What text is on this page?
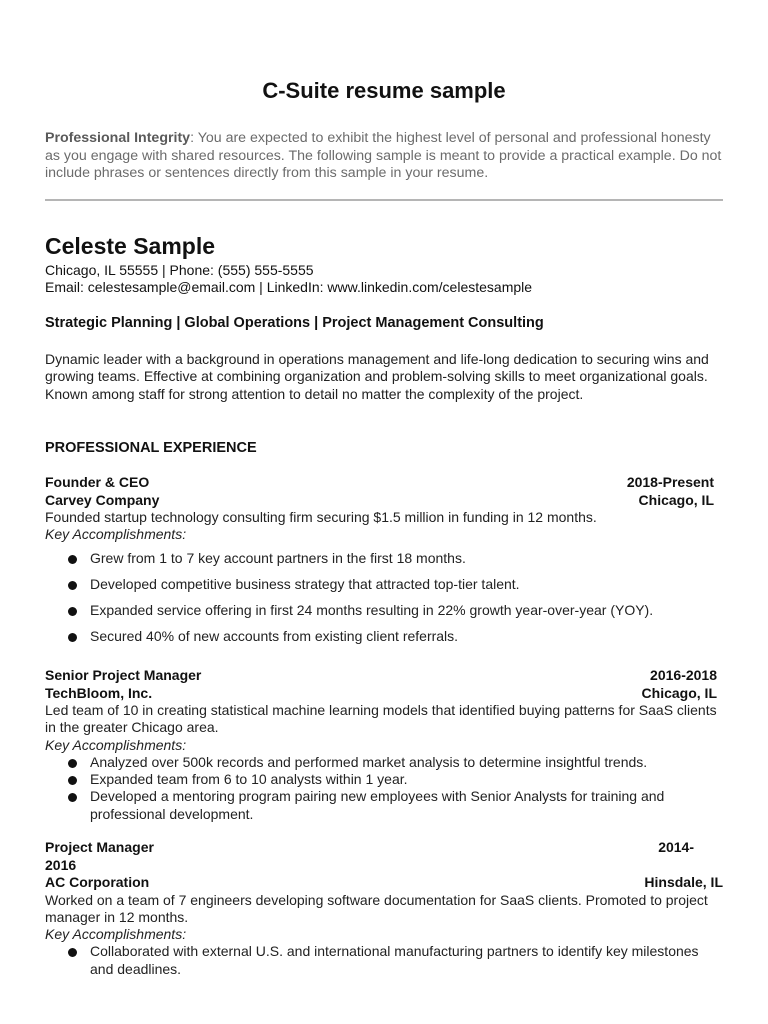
C-Suite resume sample
Professional Integrity: You are expected to exhibit the highest level of personal and professional honesty as you engage with shared resources. The following sample is meant to provide a practical example. Do not include phrases or sentences directly from this sample in your resume.
Celeste Sample
Chicago, IL 55555 | Phone: (555) 555-5555
Email: celestesample@email.com | LinkedIn: www.linkedin.com/celestesample
Strategic Planning | Global Operations | Project Management Consulting
Dynamic leader with a background in operations management and life-long dedication to securing wins and growing teams. Effective at combining organization and problem-solving skills to meet organizational goals. Known among staff for strong attention to detail no matter the complexity of the project.
PROFESSIONAL EXPERIENCE
Founder & CEO	2018-Present
Carvey Company	Chicago, IL
Founded startup technology consulting firm securing $1.5 million in funding in 12 months.
Key Accomplishments:
Grew from 1 to 7 key account partners in the first 18 months.
Developed competitive business strategy that attracted top-tier talent.
Expanded service offering in first 24 months resulting in 22% growth year-over-year (YOY).
Secured 40% of new accounts from existing client referrals.
Senior Project Manager	2016-2018
TechBloom, Inc.	Chicago, IL
Led team of 10 in creating statistical machine learning models that identified buying patterns for SaaS clients in the greater Chicago area.
Key Accomplishments:
Analyzed over 500k records and performed market analysis to determine insightful trends.
Expanded team from 6 to 10 analysts within 1 year.
Developed a mentoring program pairing new employees with Senior Analysts for training and professional development.
Project Manager	2014-
2016
AC Corporation	Hinsdale, IL
Worked on a team of 7 engineers developing software documentation for SaaS clients. Promoted to project manager in 12 months.
Key Accomplishments:
Collaborated with external U.S. and international manufacturing partners to identify key milestones and deadlines.
